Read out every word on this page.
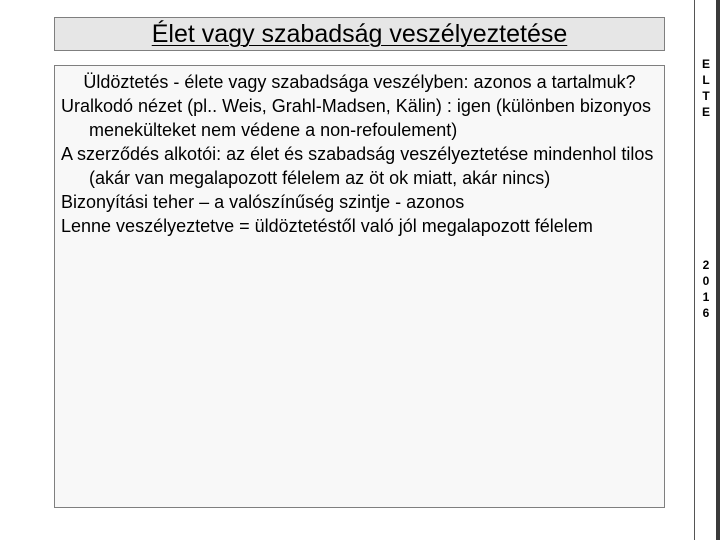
Élet vagy szabadság veszélyeztetése

Üldöztetés - élete vagy szabadsága veszélyben: azonos a tartalmuk?

Uralkodó nézet (pl.. Weis, Grahl-Madsen, Kälin) : igen (különben bizonyos menekülteket nem védene a non-refoulement)

A szerződés alkotói: az élet és szabadság veszélyeztetése mindenhol tilos (akár van megalapozott félelem az öt ok miatt, akár nincs)

Bizonyítási teher – a valószínűség szintje - azonos

Lenne veszélyeztetve = üldöztetéstől való jól megalapozott félelem

E
L
T
E
2
0
1
6
